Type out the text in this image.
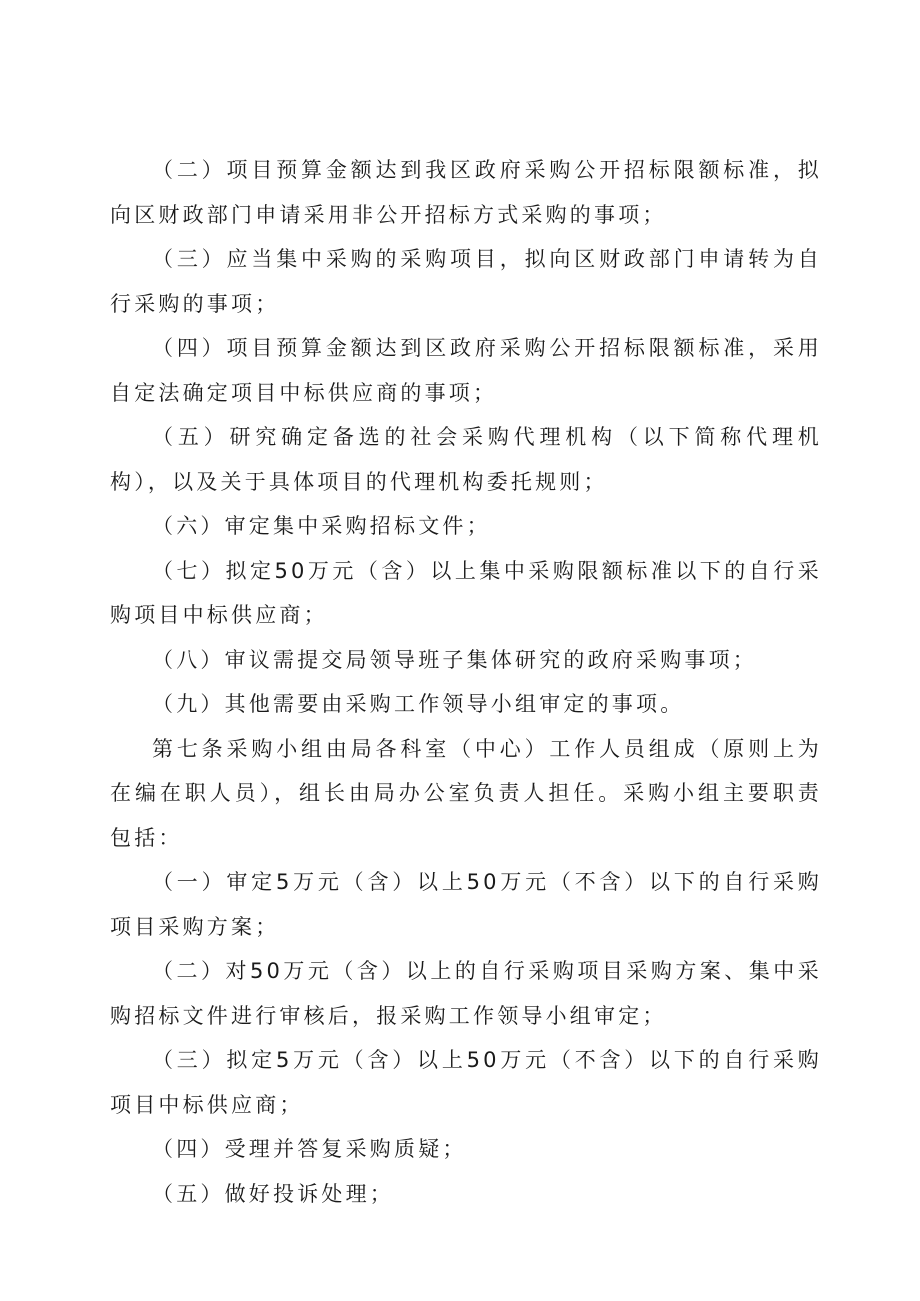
（二）项目预算金额达到我区政府采购公开招标限额标准，拟向区财政部门申请采用非公开招标方式采购的事项；

（三）应当集中采购的采购项目，拟向区财政部门申请转为自行采购的事项；

（四）项目预算金额达到区政府采购公开招标限额标准，采用自定法确定项目中标供应商的事项；

（五）研究确定备选的社会采购代理机构（以下简称代理机构），以及关于具体项目的代理机构委托规则；

（六）审定集中采购招标文件；

（七）拟定50万元（含）以上集中采购限额标准以下的自行采购项目中标供应商；

（八）审议需提交局领导班子集体研究的政府采购事项；

（九）其他需要由采购工作领导小组审定的事项。

第七条采购小组由局各科室（中心）工作人员组成（原则上为在编在职人员），组长由局办公室负责人担任。采购小组主要职责包括：

（一）审定5万元（含）以上50万元（不含）以下的自行采购项目采购方案；

（二）对50万元（含）以上的自行采购项目采购方案、集中采购招标文件进行审核后，报采购工作领导小组审定；

（三）拟定5万元（含）以上50万元（不含）以下的自行采购项目中标供应商；

（四）受理并答复采购质疑；

（五）做好投诉处理；
